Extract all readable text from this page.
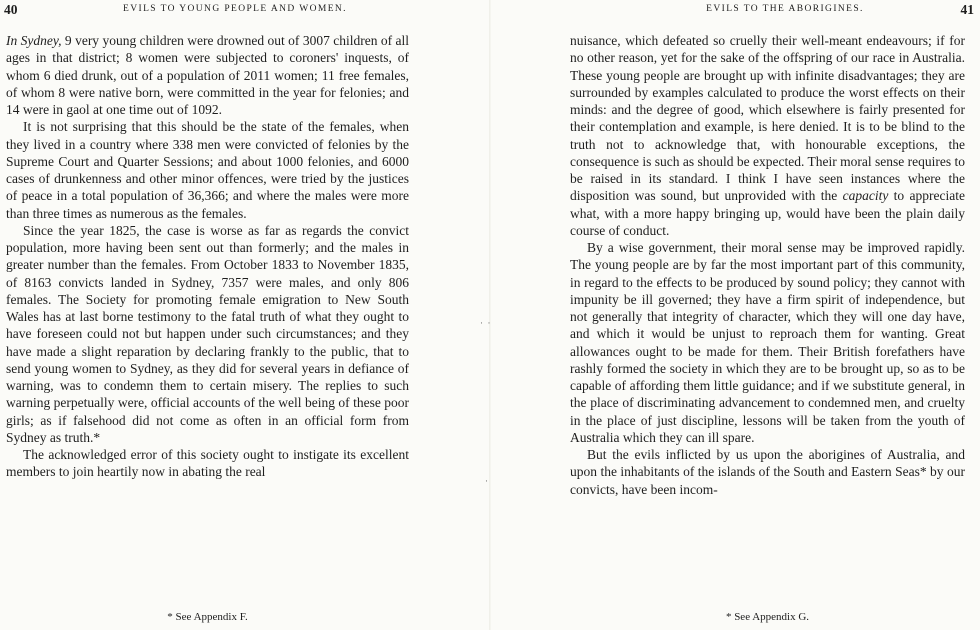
40	EVILS TO YOUNG PEOPLE AND WOMEN.

In Sydney, 9 very young children were drowned out of 3007 children of all ages in that district; 8 women were subjected to coroners' inquests, of whom 6 died drunk, out of a population of 2011 women; 11 free females, of whom 8 were native born, were committed in the year for felonies; and 14 were in gaol at one time out of 1092.

It is not surprising that this should be the state of the females, when they lived in a country where 338 men were convicted of felonies by the Supreme Court and Quarter Sessions; and about 1000 felonies, and 6000 cases of drunkenness and other minor offences, were tried by the justices of peace in a total population of 36,366; and where the males were more than three times as numerous as the females.

Since the year 1825, the case is worse as far as regards the convict population, more having been sent out than formerly; and the males in greater number than the females. From October 1833 to November 1835, of 8163 convicts landed in Sydney, 7357 were males, and only 806 females. The Society for promoting female emigration to New South Wales has at last borne testimony to the fatal truth of what they ought to have foreseen could not but happen under such circumstances; and they have made a slight reparation by declaring frankly to the public, that to send young women to Sydney, as they did for several years in defiance of warning, was to condemn them to certain misery. The replies to such warning perpetually were, official accounts of the well being of these poor girls; as if falsehood did not come as often in an official form from Sydney as truth.*

The acknowledged error of this society ought to instigate its excellent members to join heartily now in abating the real

* See Appendix F.
EVILS TO THE ABORIGINES.	41

nuisance, which defeated so cruelly their well-meant endeavours; if for no other reason, yet for the sake of the offspring of our race in Australia. These young people are brought up with infinite disadvantages; they are surrounded by examples calculated to produce the worst effects on their minds: and the degree of good, which elsewhere is fairly presented for their contemplation and example, is here denied. It is to be blind to the truth not to acknowledge that, with honourable exceptions, the consequence is such as should be expected. Their moral sense requires to be raised in its standard. I think I have seen instances where the disposition was sound, but unprovided with the capacity to appreciate what, with a more happy bringing up, would have been the plain daily course of conduct.

By a wise government, their moral sense may be improved rapidly. The young people are by far the most important part of this community, in regard to the effects to be produced by sound policy; they cannot with impunity be ill governed; they have a firm spirit of independence, but not generally that integrity of character, which they will one day have, and which it would be unjust to reproach them for wanting. Great allowances ought to be made for them. Their British forefathers have rashly formed the society in which they are to be brought up, so as to be capable of affording them little guidance; and if we substitute general, in the place of discriminating advancement to condemned men, and cruelty in the place of just discipline, lessons will be taken from the youth of Australia which they can ill spare.

But the evils inflicted by us upon the aborigines of Australia, and upon the inhabitants of the islands of the South and Eastern Seas* by our convicts, have been incom-

* See Appendix G.
·  ·
·
